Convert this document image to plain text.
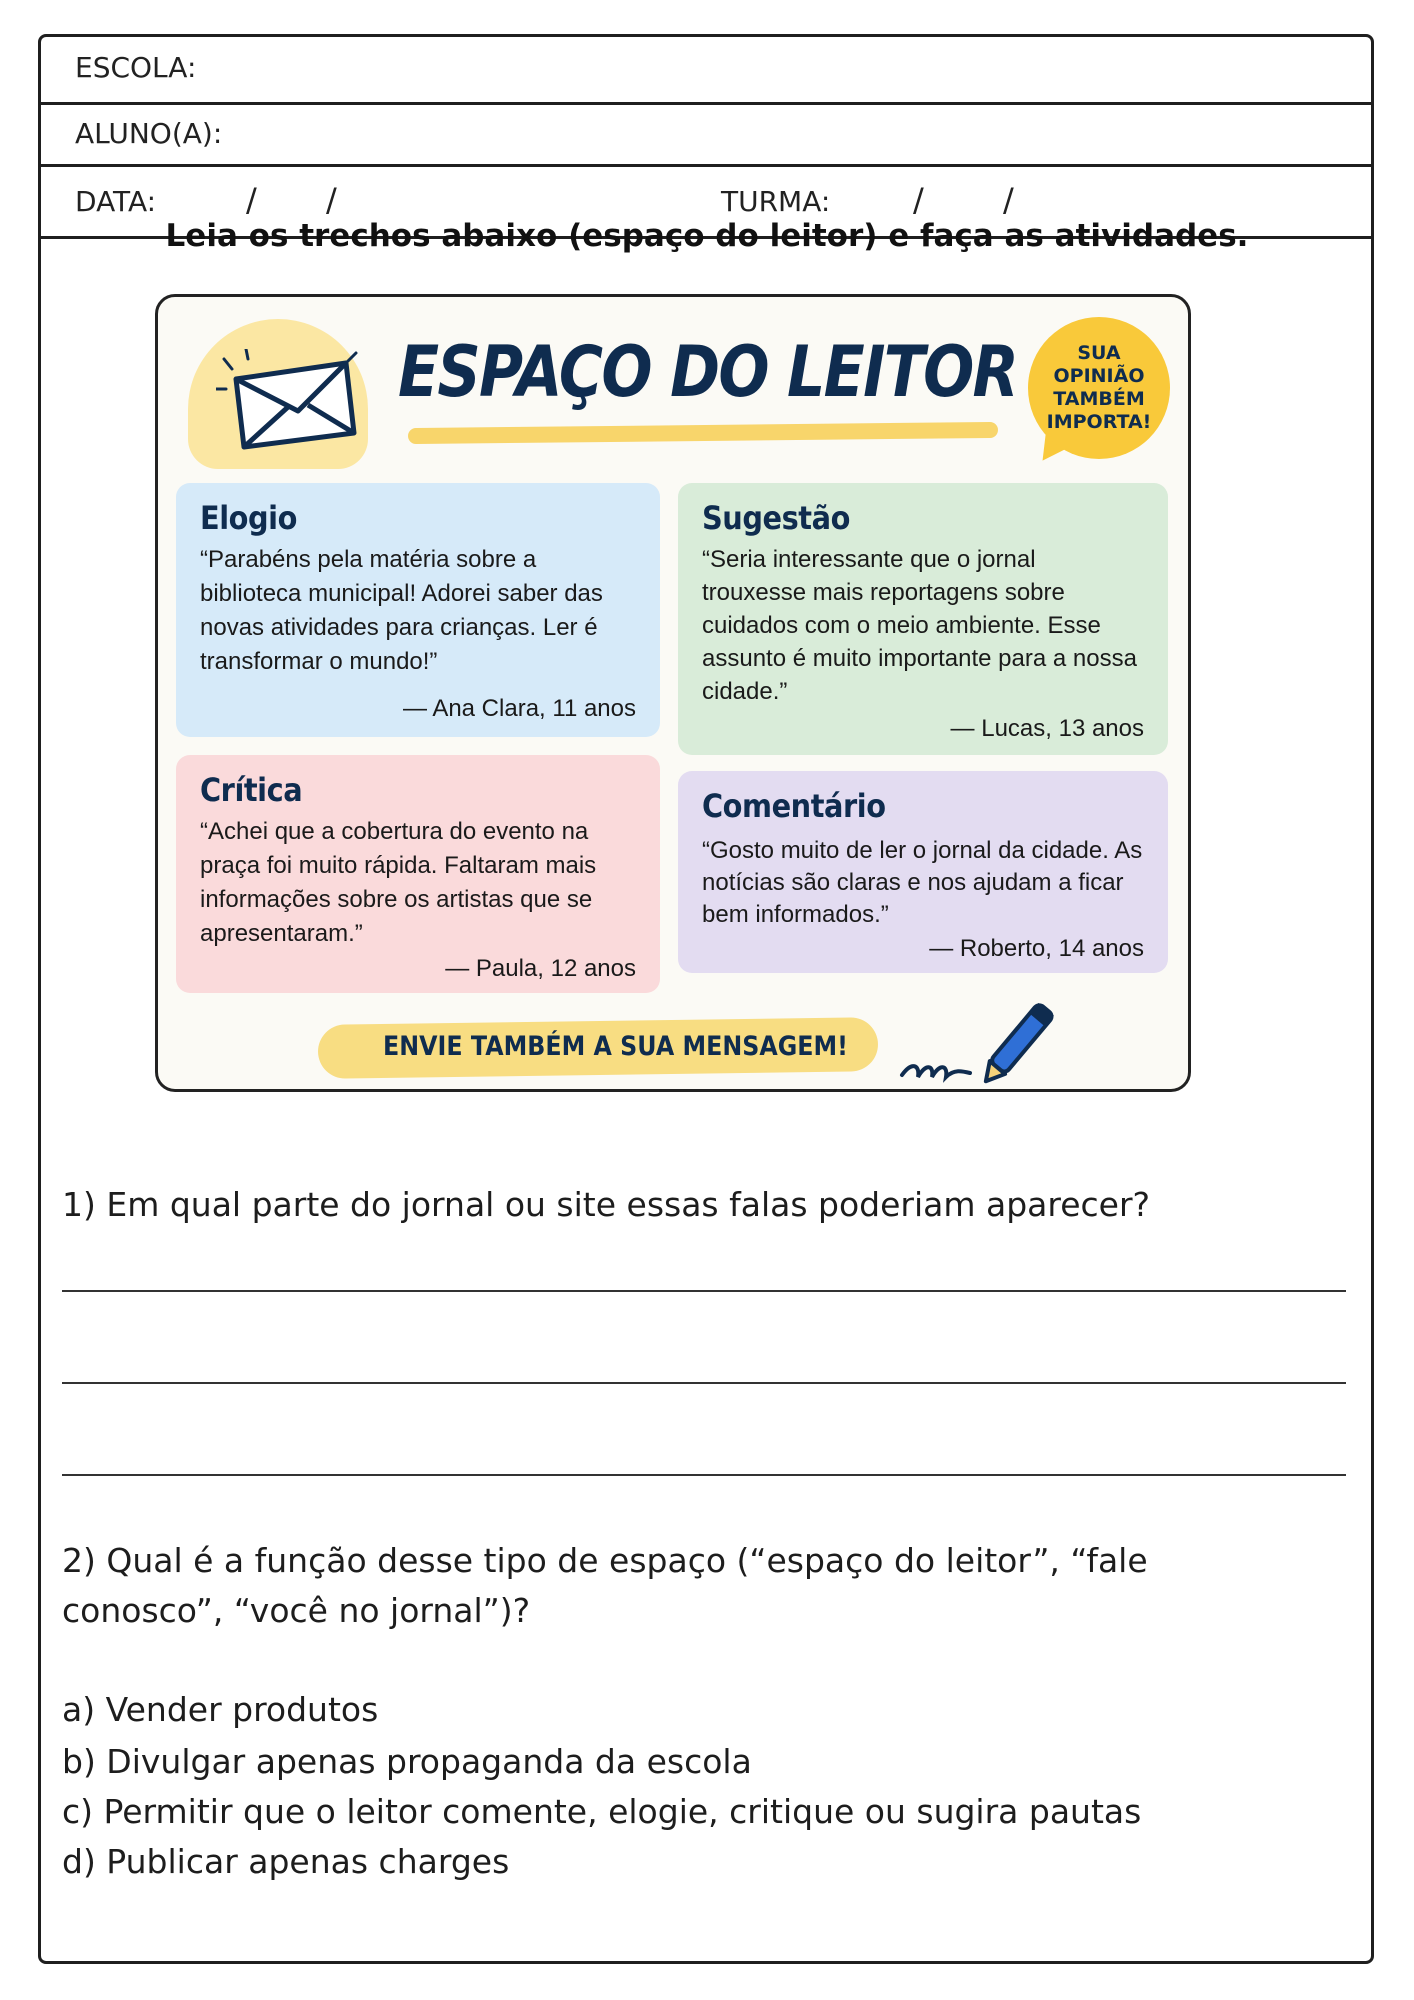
ESCOLA:
ALUNO(A):
DATA:	/ /	TURMA:	/ /
Leia os trechos abaixo (espaço do leitor) e faça as atividades.
ESPAÇO DO LEITOR	SUA
OPINIÃO
TAMBÉM
IMPORTA!
Elogio

“Parabéns pela matéria sobre a biblioteca municipal! Adorei saber das novas atividades para crianças. Ler é transformar o mundo!”

— Ana Clara, 11 anos
Sugestão

“Seria interessante que o jornal trouxesse mais reportagens sobre cuidados com o meio ambiente. Esse assunto é muito importante para a nossa cidade.”

— Lucas, 13 anos
Crítica

“Achei que a cobertura do evento na praça foi muito rápida. Faltaram mais informações sobre os artistas que se apresentaram.”

— Paula, 12 anos
Comentário

“Gosto muito de ler o jornal da cidade. As notícias são claras e nos ajudam a ficar bem informados.”

— Roberto, 14 anos
ENVIE TAMBÉM A SUA MENSAGEM!
1) Em qual parte do jornal ou site essas falas poderiam aparecer?
2) Qual é a função desse tipo de espaço (“espaço do leitor”, “fale conosco”, “você no jornal”)?
a) Vender produtos
b) Divulgar apenas propaganda da escola
c) Permitir que o leitor comente, elogie, critique ou sugira pautas
d) Publicar apenas charges
